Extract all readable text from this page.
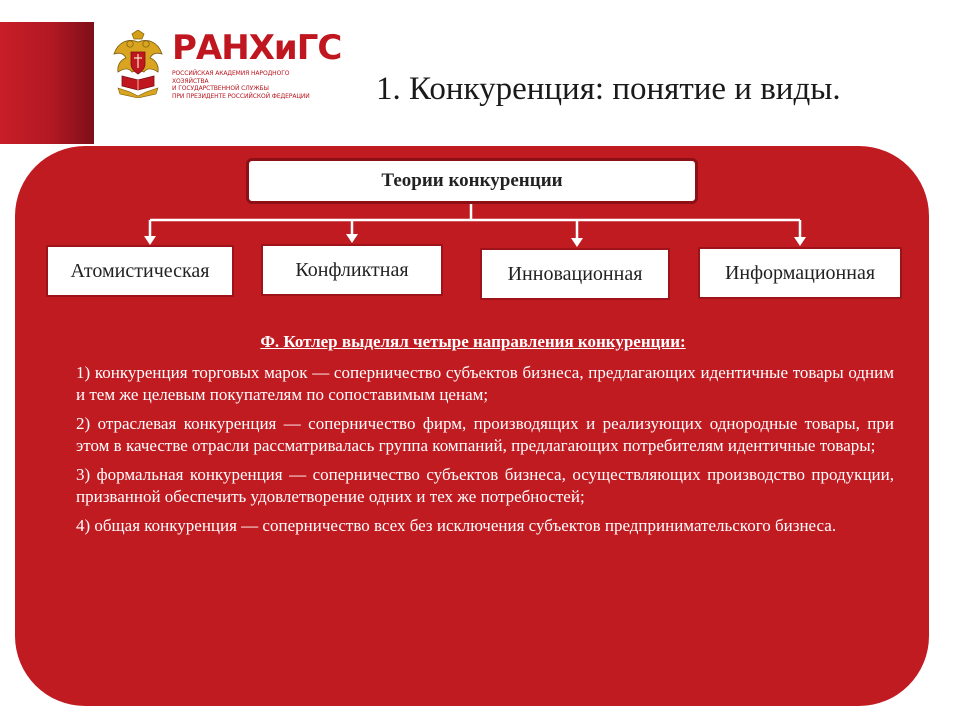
РАНХиГС
РОССИЙСКАЯ АКАДЕМИЯ НАРОДНОГО ХОЗЯЙСТВА
И ГОСУДАРСТВЕННОЙ СЛУЖБЫ
ПРИ ПРЕЗИДЕНТЕ РОССИЙСКОЙ ФЕДЕРАЦИИ	1. Конкуренция: понятие и виды.
Теории конкуренции
Атомистическая	Конфликтная	Инновационная	Информационная
Ф. Котлер выделял четыре направления конкуренции:
1) конкуренция торговых марок — соперничество субъектов бизнеса, предлагающих идентичные товары одним и тем же целевым покупателям по сопоставимым ценам;
2) отраслевая конкуренция — соперничество фирм, производящих и реализующих однородные товары, при этом в качестве отрасли рассматривалась группа компаний, предлагающих потребителям идентичные товары;
3) формальная конкуренция — соперничество субъектов бизнеса, осуществляющих производство продукции, призванной обеспечить удовлетворение одних и тех же потребностей;
4) общая конкуренция — соперничество всех без исключения субъектов предпринимательского бизнеса.
